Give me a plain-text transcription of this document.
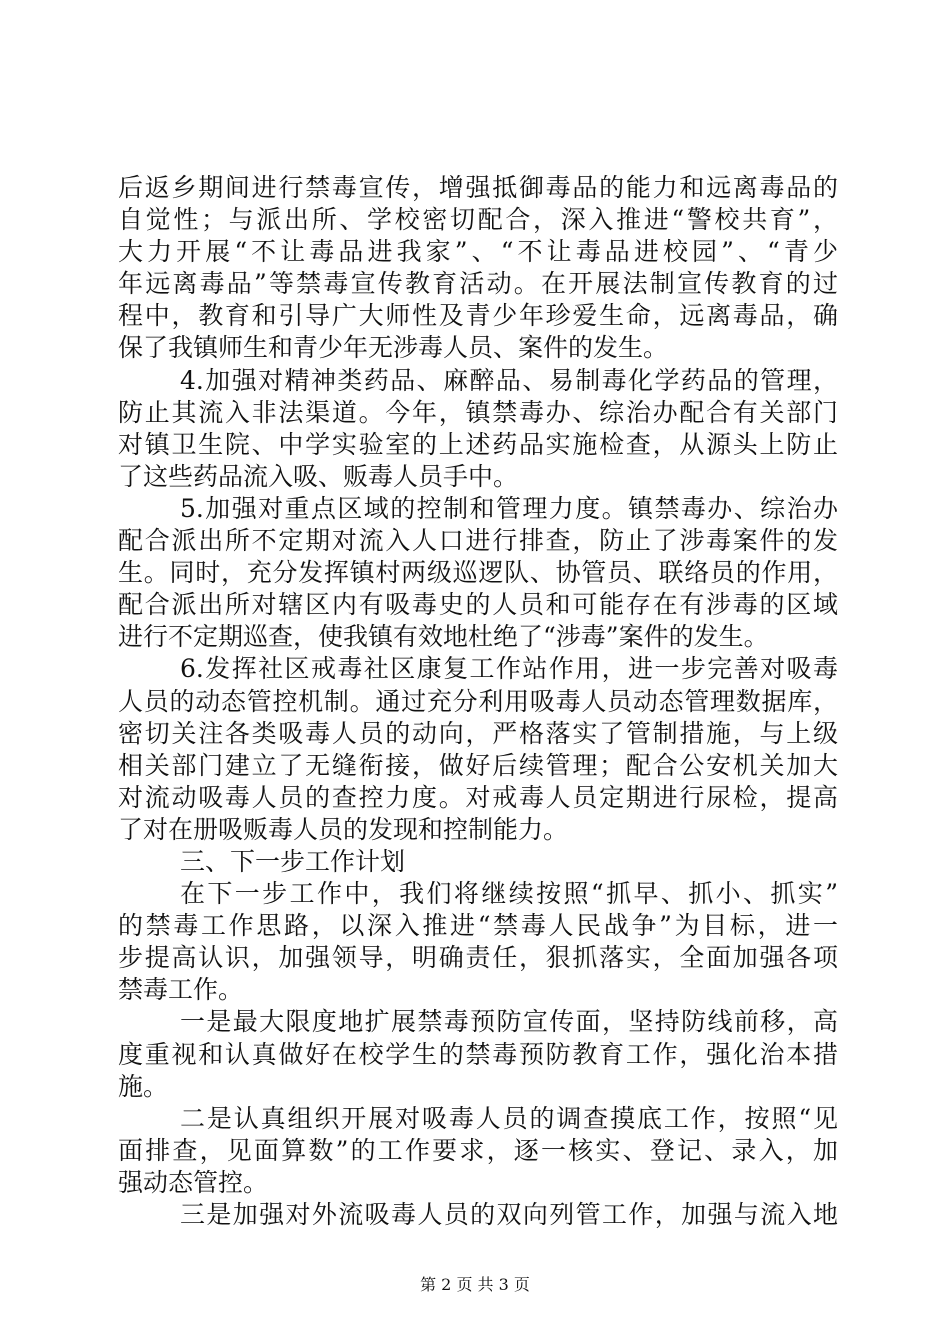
后返乡期间进行禁毒宣传，增强抵御毒品的能力和远离毒品的
自觉性；与派出所、学校密切配合，深入推进“警校共育”，
大力开展“不让毒品进我家”、“不让毒品进校园”、“青少
年远离毒品”等禁毒宣传教育活动。在开展法制宣传教育的过
程中，教育和引导广大师性及青少年珍爱生命，远离毒品，确
保了我镇师生和青少年无涉毒人员、案件的发生。
4.加强对精神类药品、麻醉品、易制毒化学药品的管理，
防止其流入非法渠道。今年，镇禁毒办、综治办配合有关部门
对镇卫生院、中学实验室的上述药品实施检查，从源头上防止
了这些药品流入吸、贩毒人员手中。
5.加强对重点区域的控制和管理力度。镇禁毒办、综治办
配合派出所不定期对流入人口进行排查，防止了涉毒案件的发
生。同时，充分发挥镇村两级巡逻队、协管员、联络员的作用，
配合派出所对辖区内有吸毒史的人员和可能存在有涉毒的区域
进行不定期巡查，使我镇有效地杜绝了“涉毒”案件的发生。
6.发挥社区戒毒社区康复工作站作用，进一步完善对吸毒
人员的动态管控机制。通过充分利用吸毒人员动态管理数据库，
密切关注各类吸毒人员的动向，严格落实了管制措施，与上级
相关部门建立了无缝衔接，做好后续管理；配合公安机关加大
对流动吸毒人员的查控力度。对戒毒人员定期进行尿检，提高
了对在册吸贩毒人员的发现和控制能力。
三、下一步工作计划
在下一步工作中，我们将继续按照“抓早、抓小、抓实”
的禁毒工作思路，以深入推进“禁毒人民战争”为目标，进一
步提高认识，加强领导，明确责任，狠抓落实，全面加强各项
禁毒工作。
一是最大限度地扩展禁毒预防宣传面，坚持防线前移，高
度重视和认真做好在校学生的禁毒预防教育工作，强化治本措
施。
二是认真组织开展对吸毒人员的调查摸底工作，按照“见
面排查，见面算数”的工作要求，逐一核实、登记、录入，加
强动态管控。
三是加强对外流吸毒人员的双向列管工作，加强与流入地
第 2 页 共 3 页
